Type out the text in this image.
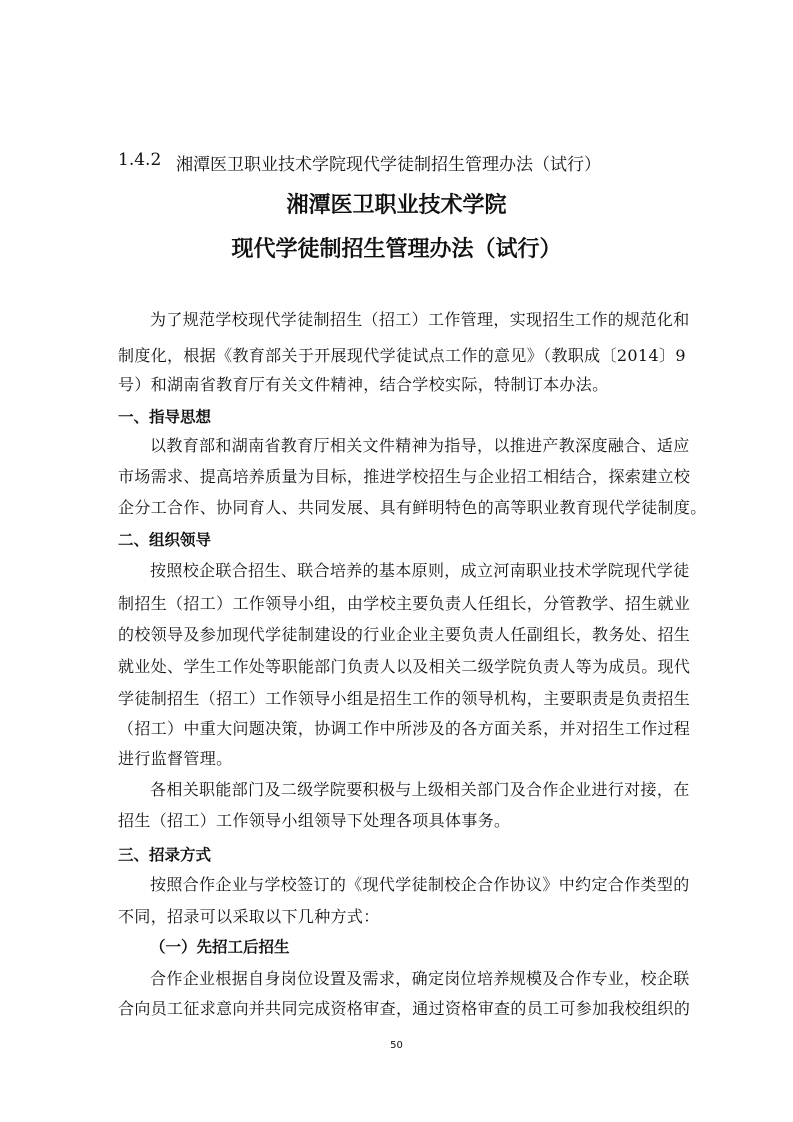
1.4.2 湘潭医卫职业技术学院现代学徒制招生管理办法（试行）
湘潭医卫职业技术学院
现代学徒制招生管理办法（试行）
为了规范学校现代学徒制招生（招工）工作管理，实现招生工作的规范化和
制度化，根据《教育部关于开展现代学徒试点工作的意见》（教职成〔2014〕9
号）和湖南省教育厅有关文件精神，结合学校实际，特制订本办法。
一、指导思想
以教育部和湖南省教育厅相关文件精神为指导，以推进产教深度融合、适应
市场需求、提高培养质量为目标，推进学校招生与企业招工相结合，探索建立校
企分工合作、协同育人、共同发展、具有鲜明特色的高等职业教育现代学徒制度。
二、组织领导
按照校企联合招生、联合培养的基本原则，成立河南职业技术学院现代学徒
制招生（招工）工作领导小组，由学校主要负责人任组长，分管教学、招生就业
的校领导及参加现代学徒制建设的行业企业主要负责人任副组长，教务处、招生
就业处、学生工作处等职能部门负责人以及相关二级学院负责人等为成员。现代
学徒制招生（招工）工作领导小组是招生工作的领导机构，主要职责是负责招生
（招工）中重大问题决策，协调工作中所涉及的各方面关系，并对招生工作过程
进行监督管理。
各相关职能部门及二级学院要积极与上级相关部门及合作企业进行对接，在
招生（招工）工作领导小组领导下处理各项具体事务。
三、招录方式
按照合作企业与学校签订的《现代学徒制校企合作协议》中约定合作类型的
不同，招录可以采取以下几种方式：
（一）先招工后招生
合作企业根据自身岗位设置及需求，确定岗位培养规模及合作专业，校企联
合向员工征求意向并共同完成资格审查，通过资格审查的员工可参加我校组织的
50
